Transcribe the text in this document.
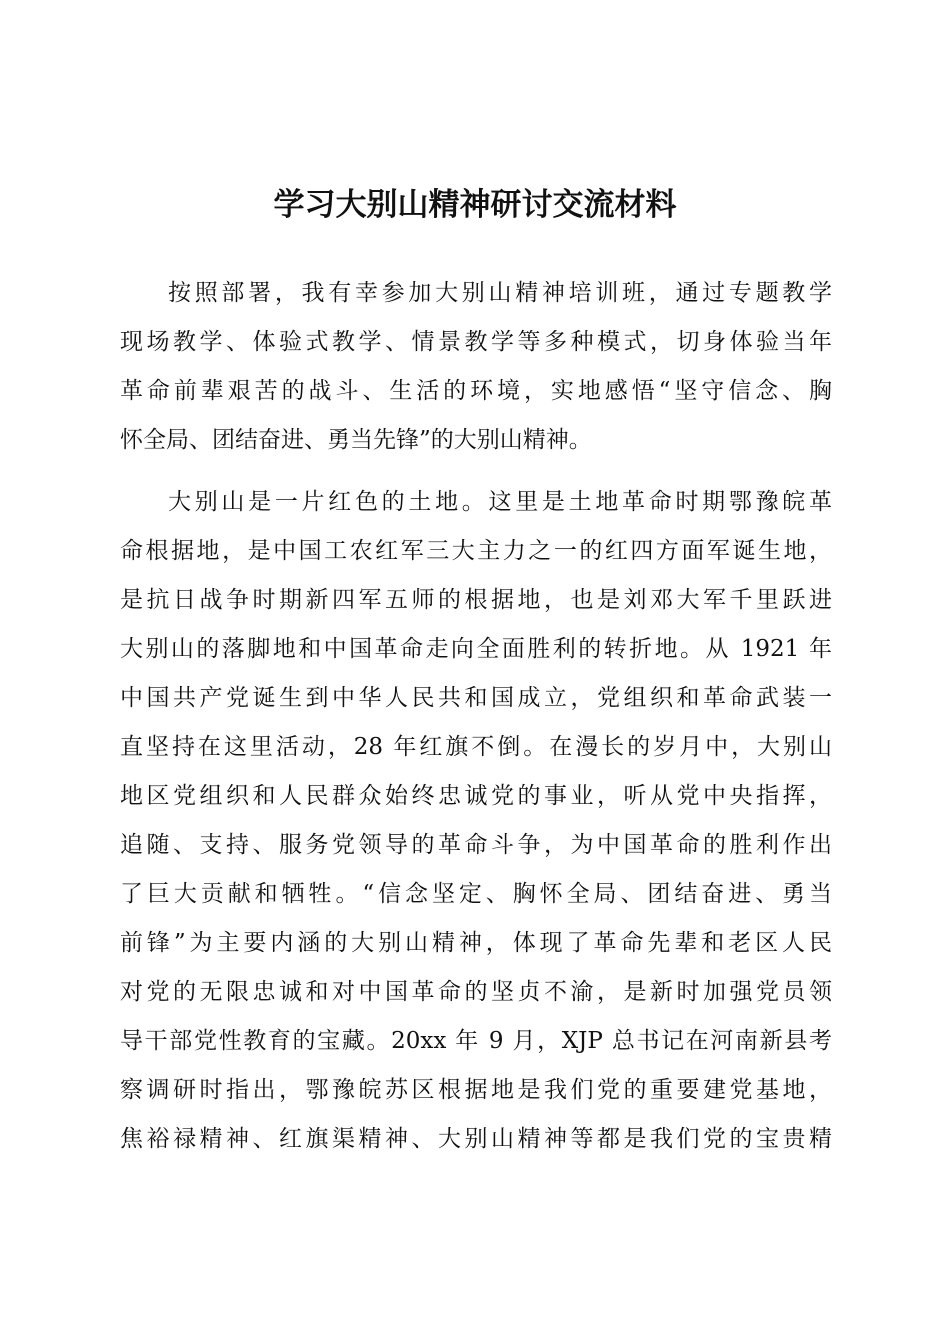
学习大别山精神研讨交流材料
按照部署，我有幸参加大别山精神培训班，通过专题教学
现场教学、体验式教学、情景教学等多种模式，切身体验当年
革命前辈艰苦的战斗、生活的环境，实地感悟“坚守信念、胸
怀全局、团结奋进、勇当先锋”的大别山精神。
大别山是一片红色的土地。这里是土地革命时期鄂豫皖革
命根据地，是中国工农红军三大主力之一的红四方面军诞生地，
是抗日战争时期新四军五师的根据地，也是刘邓大军千里跃进
大别山的落脚地和中国革命走向全面胜利的转折地。从 1921 年
中国共产党诞生到中华人民共和国成立，党组织和革命武装一
直坚持在这里活动，28 年红旗不倒。在漫长的岁月中，大别山
地区党组织和人民群众始终忠诚党的事业，听从党中央指挥，
追随、支持、服务党领导的革命斗争，为中国革命的胜利作出
了巨大贡献和牺牲。“信念坚定、胸怀全局、团结奋进、勇当
前锋”为主要内涵的大别山精神，体现了革命先辈和老区人民
对党的无限忠诚和对中国革命的坚贞不渝，是新时加强党员领
导干部党性教育的宝藏。20xx 年 9 月，XJP 总书记在河南新县考
察调研时指出，鄂豫皖苏区根据地是我们党的重要建党基地，
焦裕禄精神、红旗渠精神、大别山精神等都是我们党的宝贵精
